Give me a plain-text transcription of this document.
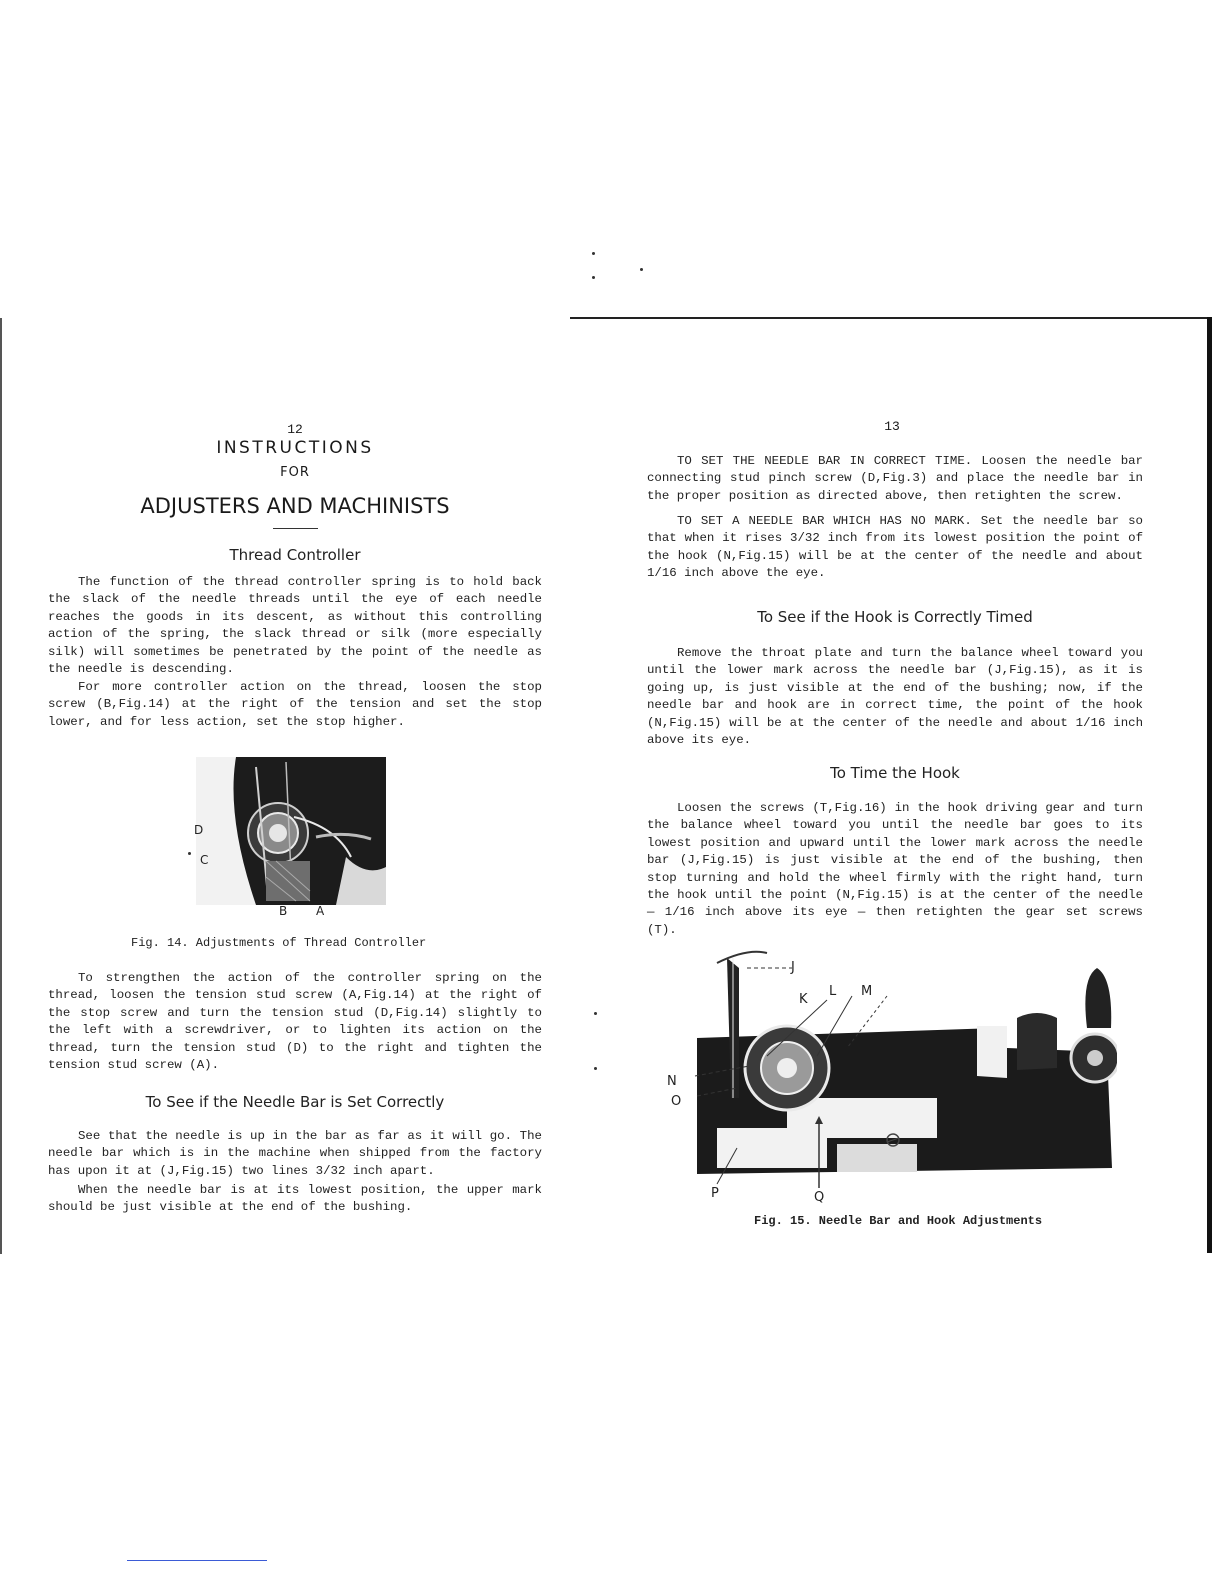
12
INSTRUCTIONS
FOR
ADJUSTERS AND MACHINISTS
Thread Controller

The function of the thread controller spring is to hold back the slack of the needle threads until the eye of each needle reaches the goods in its descent, as without this controlling action of the spring, the slack thread or silk (more especially silk) will sometimes be penetrated by the point of the needle as the needle is descending.

For more controller action on the thread, loosen the stop screw (B,Fig.14) at the right of the tension and set the stop lower, and for less action, set the stop higher.

D
C
B A
Fig. 14. Adjustments of Thread Controller

To strengthen the action of the controller spring on the thread, loosen the tension stud screw (A,Fig.14) at the right of the stop screw and turn the tension stud (D,Fig.14) slightly to the left with a screwdriver, or to lighten its action on the thread, turn the tension stud (D) to the right and tighten the tension stud screw (A).

To See if the Needle Bar is Set Correctly

See that the needle is up in the bar as far as it will go. The needle bar which is in the machine when shipped from the factory has upon it at (J,Fig.15) two lines 3/32 inch apart.

When the needle bar is at its lowest position, the upper mark should be just visible at the end of the bushing.

13

TO SET THE NEEDLE BAR IN CORRECT TIME. Loosen the needle bar connecting stud pinch screw (D,Fig.3) and place the needle bar in the proper position as directed above, then retighten the screw.

TO SET A NEEDLE BAR WHICH HAS NO MARK. Set the needle bar so that when it rises 3/32 inch from its lowest position the point of the hook (N,Fig.15) will be at the center of the needle and about 1/16 inch above the eye.

To See if the Hook is Correctly Timed

Remove the throat plate and turn the balance wheel toward you until the lower mark across the needle bar (J,Fig.15), as it is going up, is just visible at the end of the bushing; now, if the needle bar and hook are in correct time, the point of the hook (N,Fig.15) will be at the center of the needle and about 1/16 inch above its eye.

To Time the Hook

Loosen the screws (T,Fig.16) in the hook driving gear and turn the balance wheel toward you until the needle bar goes to its lowest position and upward until the lower mark across the needle bar (J,Fig.15) is just visible at the end of the bushing, then stop turning and hold the wheel firmly with the right hand, turn the hook until the point (N,Fig.15) is at the center of the needle — 1/16 inch above its eye — then retighten the gear set screws (T).

J
K
L M
N
O
P	Q
Fig. 15. Needle Bar and Hook Adjustments
